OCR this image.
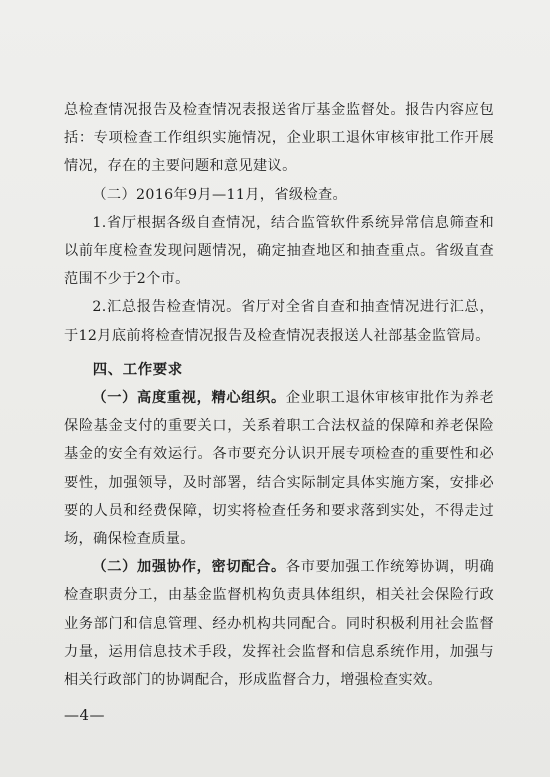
总检查情况报告及检查情况表报送省厅基金监督处。报告内容应包括：专项检查工作组织实施情况，企业职工退休审核审批工作开展情况，存在的主要问题和意见建议。

（二）2016年9月—11月，省级检查。

1.省厅根据各级自查情况，结合监管软件系统异常信息筛查和以前年度检查发现问题情况，确定抽查地区和抽查重点。省级直查范围不少于2个市。

2.汇总报告检查情况。省厅对全省自查和抽查情况进行汇总，于12月底前将检查情况报告及检查情况表报送人社部基金监管局。

四、工作要求

（一）高度重视，精心组织。企业职工退休审核审批作为养老保险基金支付的重要关口，关系着职工合法权益的保障和养老保险基金的安全有效运行。各市要充分认识开展专项检查的重要性和必要性，加强领导，及时部署，结合实际制定具体实施方案，安排必要的人员和经费保障，切实将检查任务和要求落到实处，不得走过场，确保检查质量。

（二）加强协作，密切配合。各市要加强工作统筹协调，明确检查职责分工，由基金监督机构负责具体组织，相关社会保险行政业务部门和信息管理、经办机构共同配合。同时积极利用社会监督力量，运用信息技术手段，发挥社会监督和信息系统作用，加强与相关行政部门的协调配合，形成监督合力，增强检查实效。

—4—
